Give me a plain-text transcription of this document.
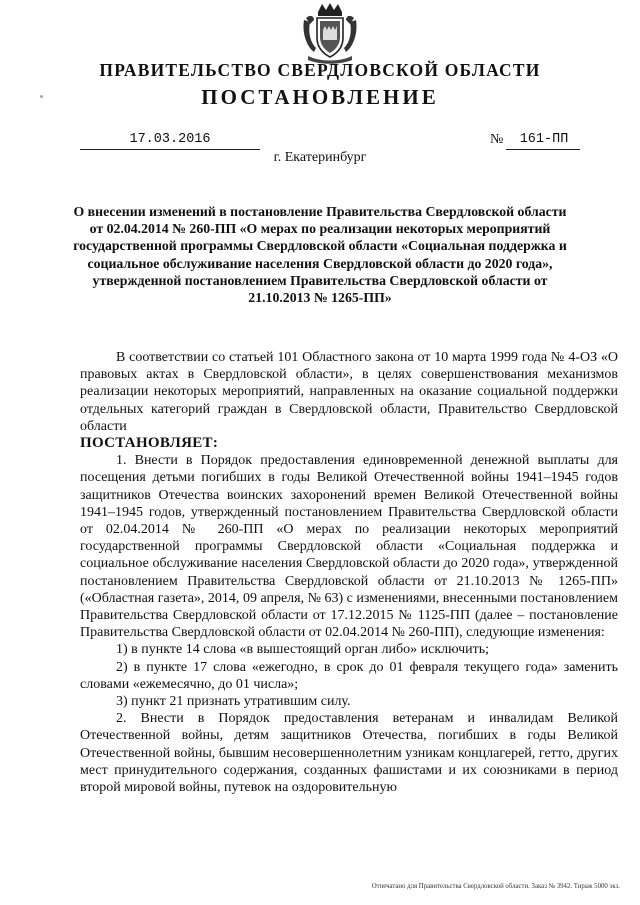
ПРАВИТЕЛЬСТВО СВЕРДЛОВСКОЙ ОБЛАСТИ
ПОСТАНОВЛЕНИЕ
17.03.2016	№	161-ПП
г. Екатеринбург
О внесении изменений в постановление Правительства Свердловской области от 02.04.2014 № 260-ПП «О мерах по реализации некоторых мероприятий государственной программы Свердловской области «Социальная поддержка и социальное обслуживание населения Свердловской области до 2020 года», утвержденной постановлением Правительства Свердловской области от 21.10.2013 № 1265-ПП»

В соответствии со статьей 101 Областного закона от 10 марта 1999 года № 4-ОЗ «О правовых актах в Свердловской области», в целях совершенствования механизмов реализации некоторых мероприятий, направленных на оказание социальной поддержки отдельных категорий граждан в Свердловской области, Правительство Свердловской области

ПОСТАНОВЛЯЕТ:

1. Внести в Порядок предоставления единовременной денежной выплаты для посещения детьми погибших в годы Великой Отечественной войны 1941–1945 годов защитников Отечества воинских захоронений времен Великой Отечественной войны 1941–1945 годов, утвержденный постановлением Правительства Свердловской области от 02.04.2014 № 260-ПП «О мерах по реализации некоторых мероприятий государственной программы Свердловской области «Социальная поддержка и социальное обслуживание населения Свердловской области до 2020 года», утвержденной постановлением Правительства Свердловской области от 21.10.2013 № 1265-ПП» («Областная газета», 2014, 09 апреля, № 63) с изменениями, внесенными постановлением Правительства Свердловской области от 17.12.2015 № 1125-ПП (далее – постановление Правительства Свердловской области от 02.04.2014 № 260-ПП), следующие изменения:

1) в пункте 14 слова «в вышестоящий орган либо» исключить;

2) в пункте 17 слова «ежегодно, в срок до 01 февраля текущего года» заменить словами «ежемесячно, до 01 числа»;

3) пункт 21 признать утратившим силу.

2. Внести в Порядок предоставления ветеранам и инвалидам Великой Отечественной войны, детям защитников Отечества, погибших в годы Великой Отечественной войны, бывшим несовершеннолетним узникам концлагерей, гетто, других мест принудительного содержания, созданных фашистами и их союзниками в период второй мировой войны, путевок на оздоровительную

Отпечатано для Правительства Свердловской области. Заказ № 3942. Тираж 5000 экз.
